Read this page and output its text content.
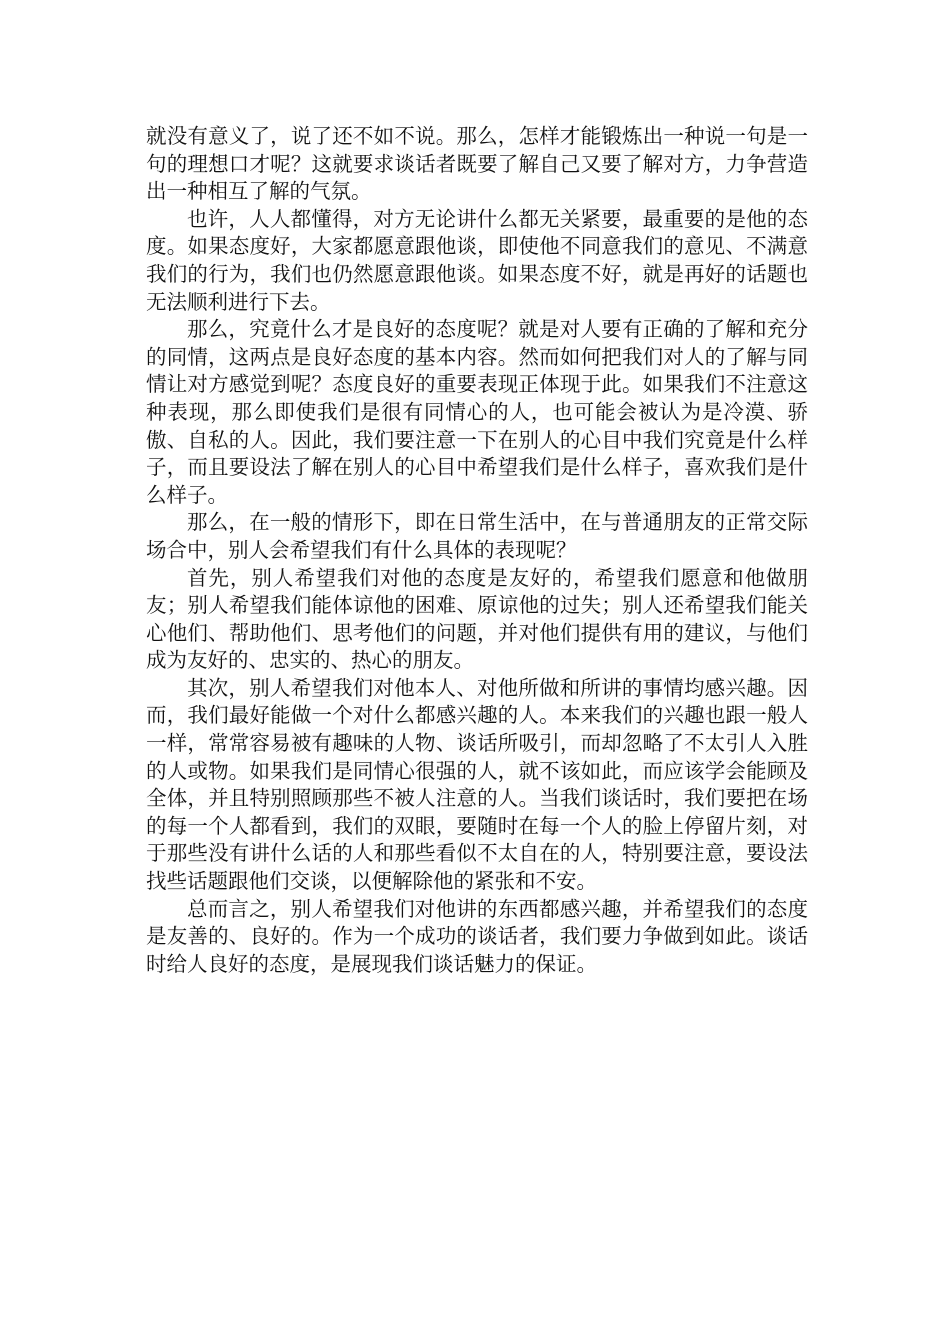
就没有意义了，说了还不如不说。那么，怎样才能锻炼出一种说一句是一句的理想口才呢？这就要求谈话者既要了解自己又要了解对方，力争营造出一种相互了解的气氛。

也许，人人都懂得，对方无论讲什么都无关紧要，最重要的是他的态度。如果态度好，大家都愿意跟他谈，即使他不同意我们的意见、不满意我们的行为，我们也仍然愿意跟他谈。如果态度不好，就是再好的话题也无法顺利进行下去。

那么，究竟什么才是良好的态度呢？就是对人要有正确的了解和充分的同情，这两点是良好态度的基本内容。然而如何把我们对人的了解与同情让对方感觉到呢？态度良好的重要表现正体现于此。如果我们不注意这种表现，那么即使我们是很有同情心的人，也可能会被认为是冷漠、骄傲、自私的人。因此，我们要注意一下在别人的心目中我们究竟是什么样子，而且要设法了解在别人的心目中希望我们是什么样子，喜欢我们是什么样子。

那么，在一般的情形下，即在日常生活中，在与普通朋友的正常交际场合中，别人会希望我们有什么具体的表现呢？

首先，别人希望我们对他的态度是友好的，希望我们愿意和他做朋友；别人希望我们能体谅他的困难、原谅他的过失；别人还希望我们能关心他们、帮助他们、思考他们的问题，并对他们提供有用的建议，与他们成为友好的、忠实的、热心的朋友。

其次，别人希望我们对他本人、对他所做和所讲的事情均感兴趣。因而，我们最好能做一个对什么都感兴趣的人。本来我们的兴趣也跟一般人一样，常常容易被有趣味的人物、谈话所吸引，而却忽略了不太引人入胜的人或物。如果我们是同情心很强的人，就不该如此，而应该学会能顾及全体，并且特别照顾那些不被人注意的人。当我们谈话时，我们要把在场的每一个人都看到，我们的双眼，要随时在每一个人的脸上停留片刻，对于那些没有讲什么话的人和那些看似不太自在的人，特别要注意，要设法找些话题跟他们交谈，以便解除他的紧张和不安。

总而言之，别人希望我们对他讲的东西都感兴趣，并希望我们的态度是友善的、良好的。作为一个成功的谈话者，我们要力争做到如此。谈话时给人良好的态度，是展现我们谈话魅力的保证。
